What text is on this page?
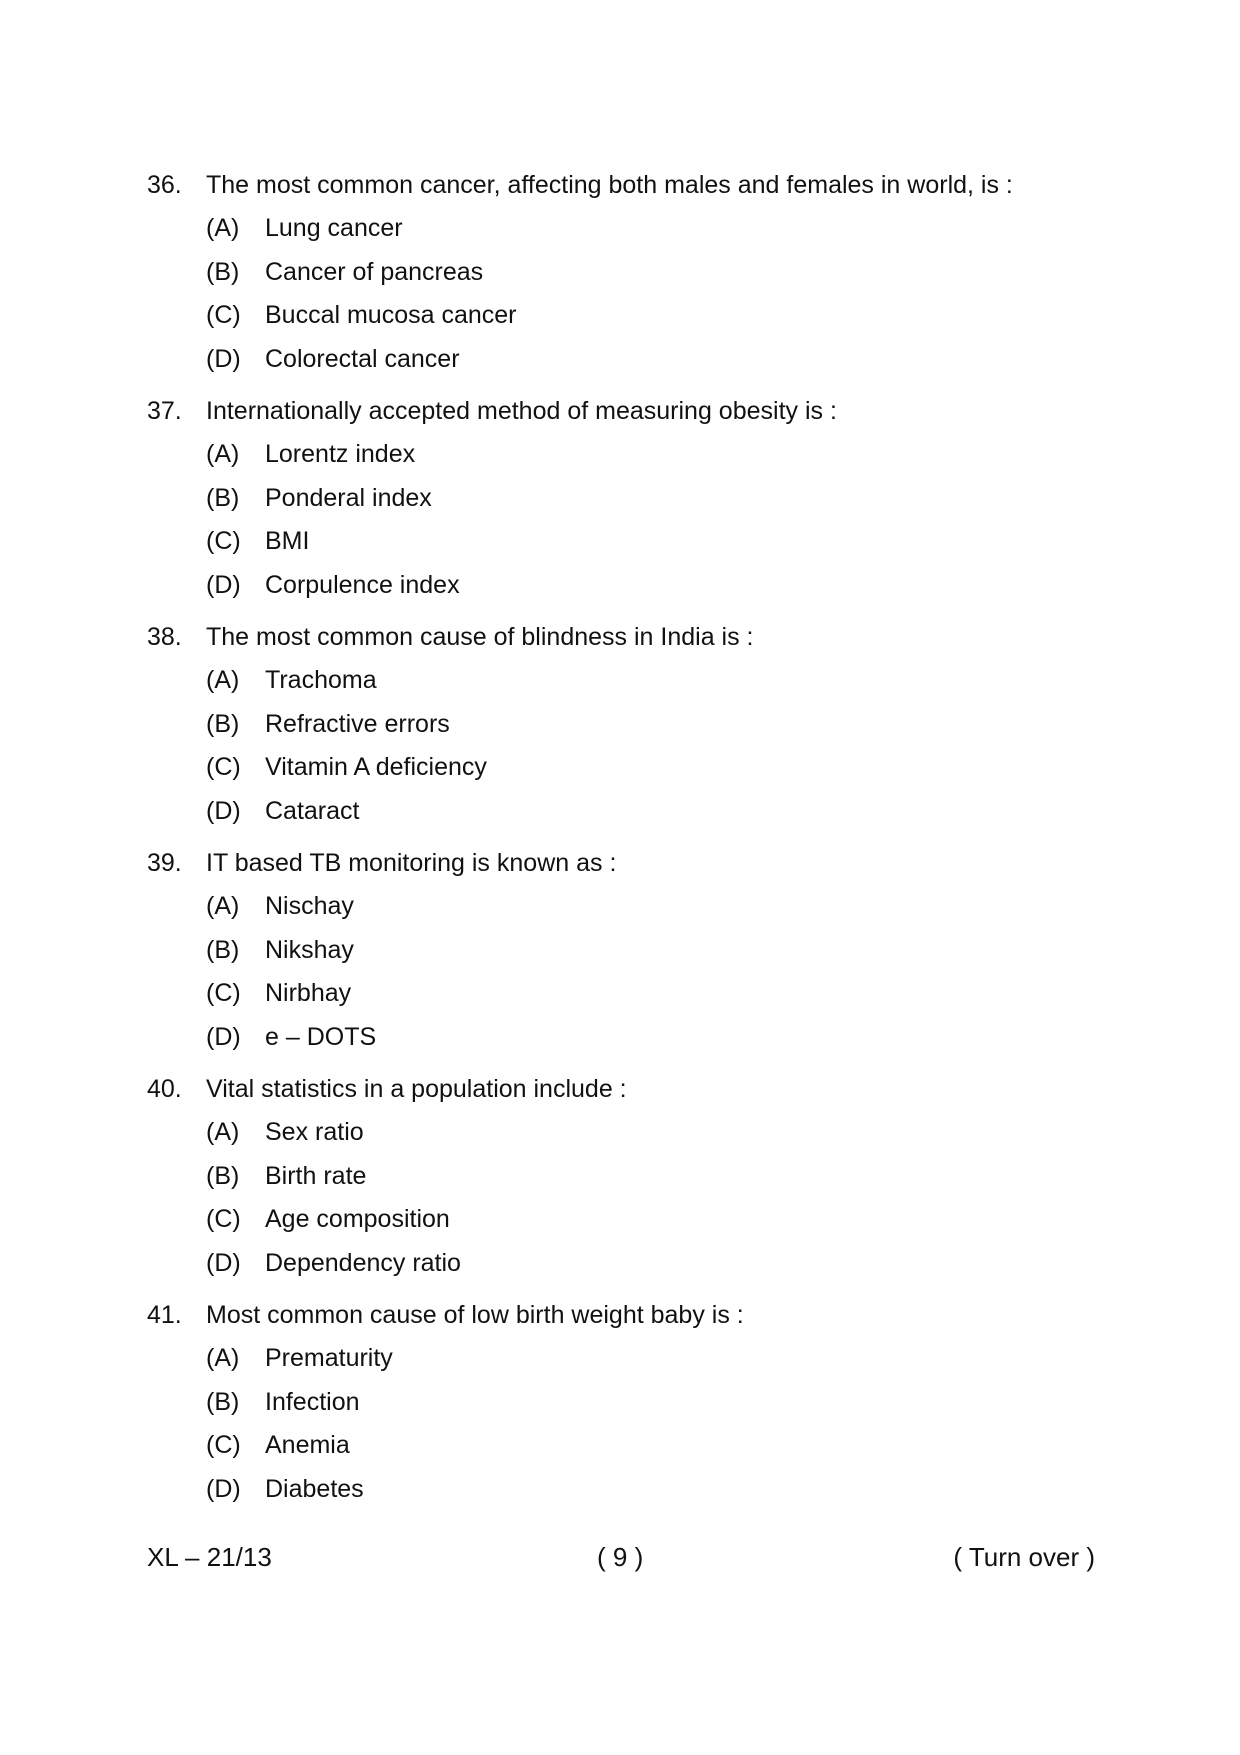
36. The most common cancer, affecting both males and females in world, is :
(A)	Lung cancer
(B)	Cancer of pancreas
(C) Buccal mucosa cancer
(D) Colorectal cancer
37. Internationally accepted method of measuring obesity is :
(A)	Lorentz index
(B)	Ponderal index
(C) BMI
(D) Corpulence index
38. The most common cause of blindness in India is :
(A)	Trachoma
(B)	Refractive errors
(C) Vitamin A deficiency
(D) Cataract
39. IT based TB monitoring is known as :
(A)	Nischay
(B)	Nikshay
(C) Nirbhay
(D) e – DOTS
40. Vital statistics in a population include :
(A)	Sex ratio
(B)	Birth rate
(C) Age composition
(D) Dependency ratio
41. Most common cause of low birth weight baby is :
(A)	Prematurity
(B)	Infection
(C) Anemia
(D) Diabetes
XL – 21/13	( 9 )	( Turn over )
